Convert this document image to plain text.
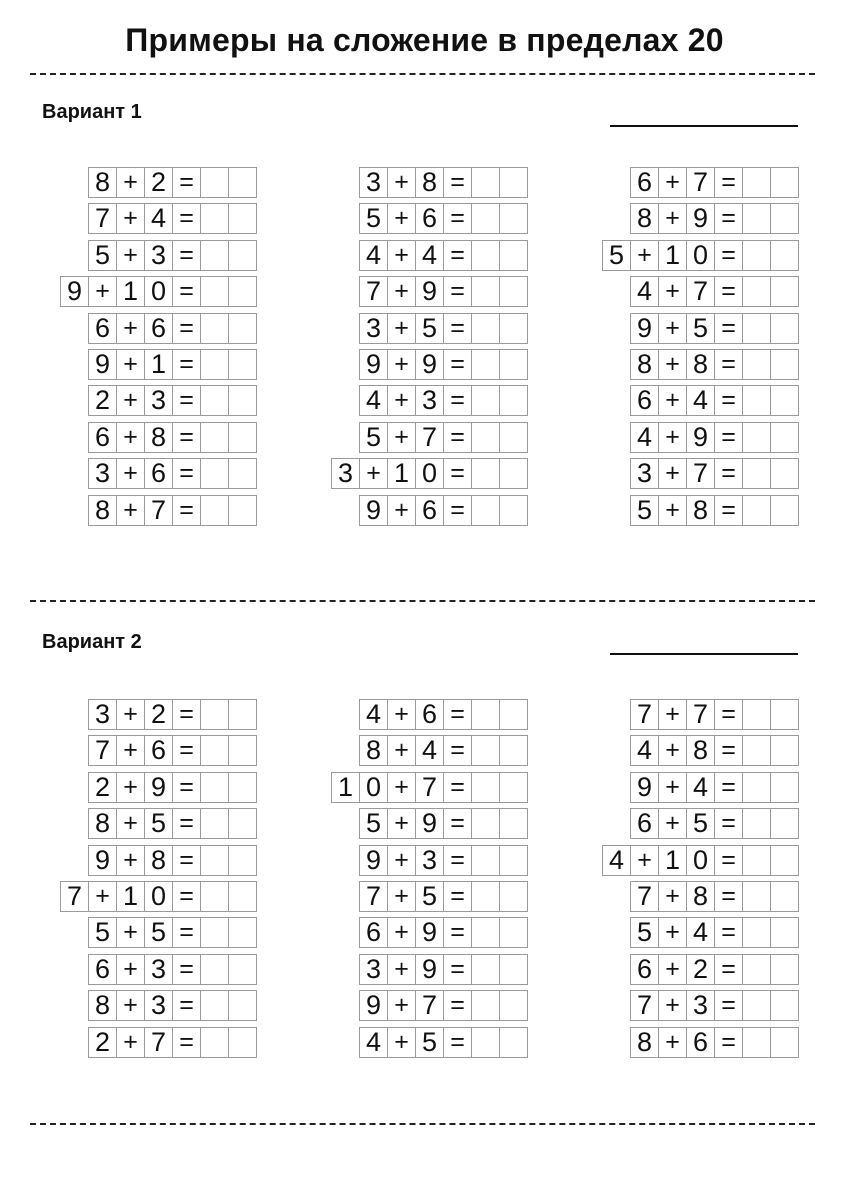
Примеры на сложение в пределах 20
Вариант 1
8 + 2 =
7 + 4 =
5 + 3 =
9 + 1 0 =
6 + 6 =
9 + 1 =
2 + 3 =
6 + 8 =
3 + 6 =
8 + 7 =
3 + 8 =
5 + 6 =
4 + 4 =
7 + 9 =
3 + 5 =
9 + 9 =
4 + 3 =
5 + 7 =
3 + 1 0 =
9 + 6 =
6 + 7 =
8 + 9 =
5 + 1 0 =
4 + 7 =
9 + 5 =
8 + 8 =
6 + 4 =
4 + 9 =
3 + 7 =
5 + 8 =
Вариант 2
3 + 2 =
7 + 6 =
2 + 9 =
8 + 5 =
9 + 8 =
7 + 1 0 =
5 + 5 =
6 + 3 =
8 + 3 =
2 + 7 =
4 + 6 =
8 + 4 =
1 0 + 7 =
5 + 9 =
9 + 3 =
7 + 5 =
6 + 9 =
3 + 9 =
9 + 7 =
4 + 5 =
7 + 7 =
4 + 8 =
9 + 4 =
6 + 5 =
4 + 1 0 =
7 + 8 =
5 + 4 =
6 + 2 =
7 + 3 =
8 + 6 =
